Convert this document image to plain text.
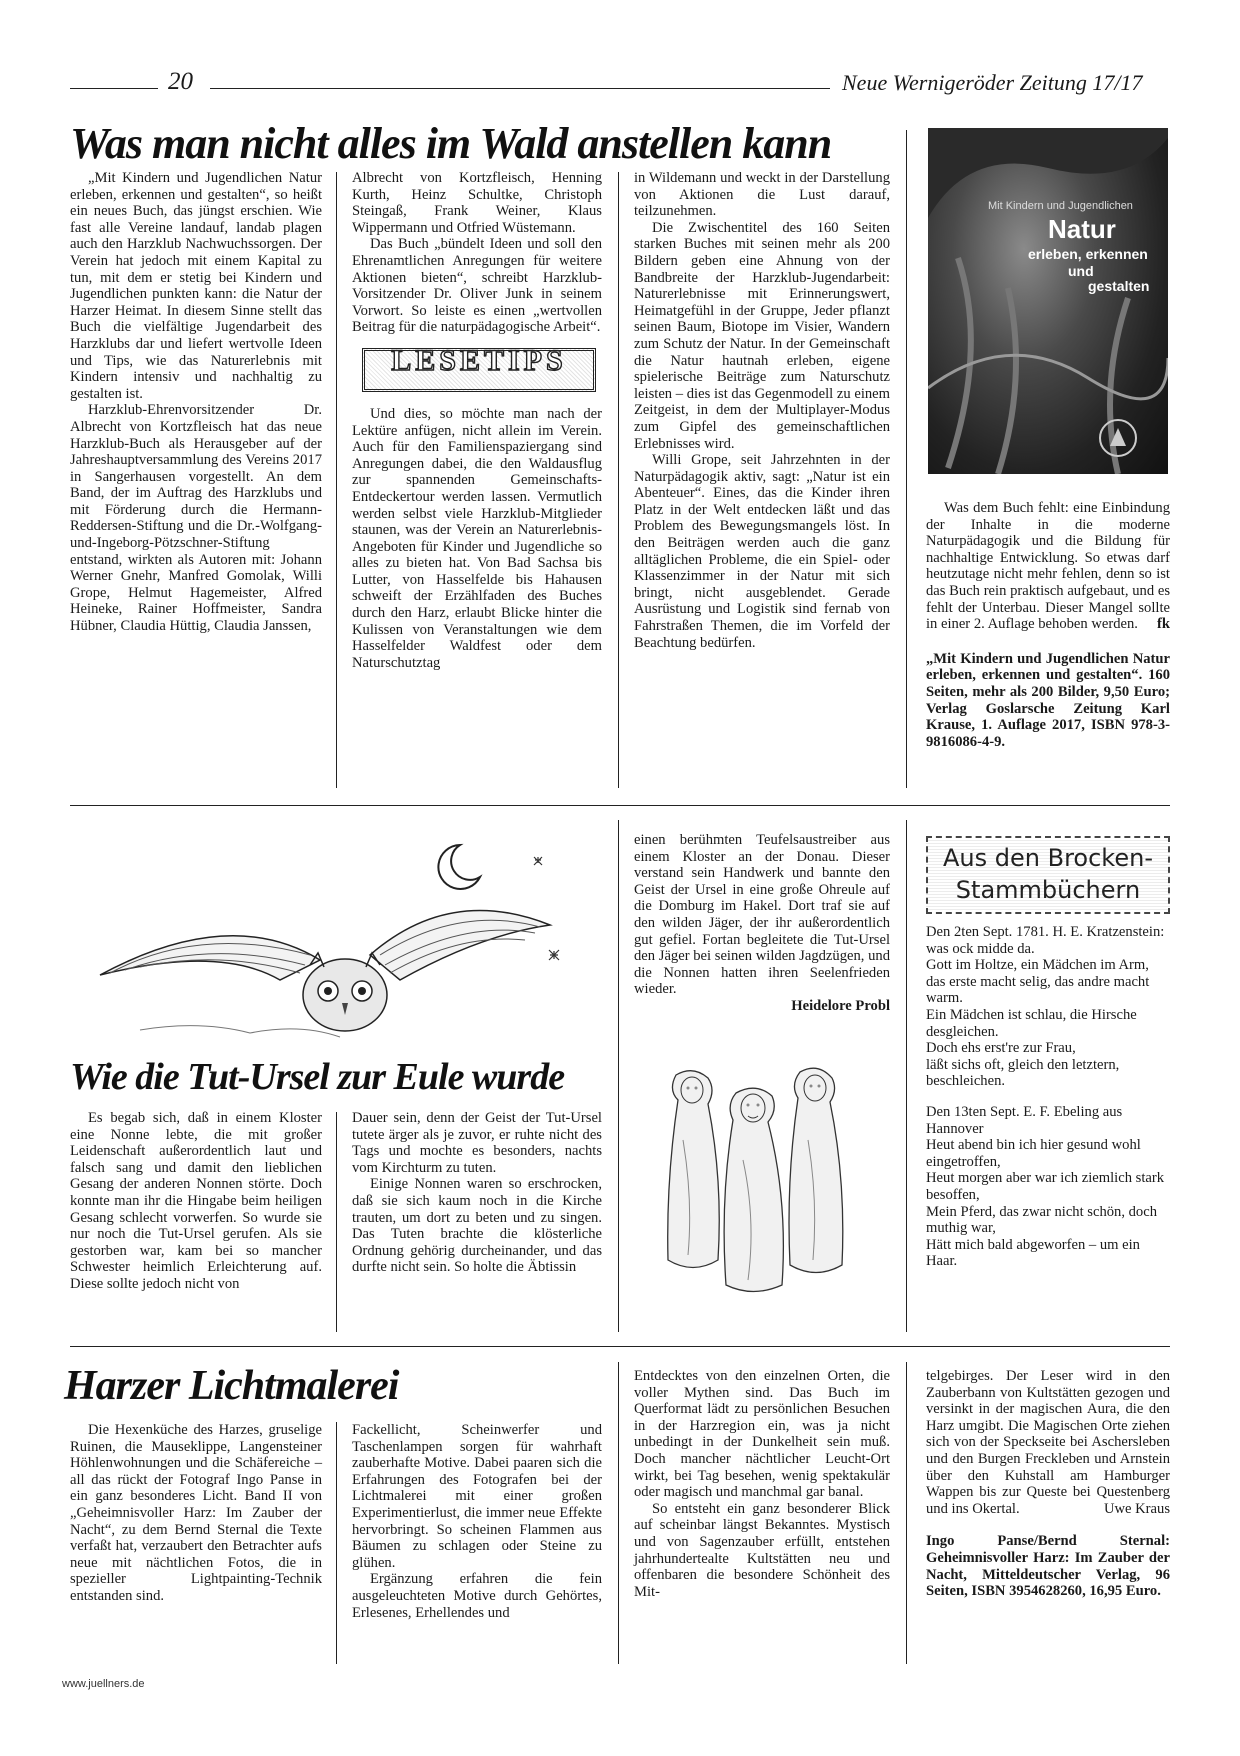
20	Neue Wernigeröder Zeitung 17/17
Was man nicht alles im Wald anstellen kann

„Mit Kindern und Jugendlichen Natur erleben, erkennen und gestalten“, so heißt ein neues Buch, das jüngst erschien. Wie fast alle Vereine landauf, landab plagen auch den Harzklub Nachwuchssorgen. Der Verein hat jedoch mit einem Kapital zu tun, mit dem er stetig bei Kindern und Jugendlichen punkten kann: die Natur der Harzer Heimat. In diesem Sinne stellt das Buch die vielfältige Jugendarbeit des Harzklubs dar und liefert wertvolle Ideen und Tips, wie das Naturerlebnis mit Kindern intensiv und nachhaltig zu gestalten ist.

Harzklub-Ehrenvorsitzender Dr. Albrecht von Kortzfleisch hat das neue Harzklub-Buch als Herausgeber auf der Jahreshauptversammlung des Vereins 2017 in Sangerhausen vorgestellt. An dem Band, der im Auftrag des Harzklubs und mit Förderung durch die Hermann-Reddersen-Stiftung und die Dr.-Wolfgang-und-Ingeborg-Pötzschner-Stiftung entstand, wirkten als Autoren mit: Johann Werner Gnehr, Manfred Gomolak, Willi Grope, Helmut Hagemeister, Alfred Heineke, Rainer Hoffmeister, Sandra Hübner, Claudia Hüttig, Claudia Janssen,

Albrecht von Kortzfleisch, Henning Kurth, Heinz Schultke, Christoph Steingaß, Frank Weiner, Klaus Wippermann und Otfried Wüstemann.

Das Buch „bündelt Ideen und soll den Ehrenamtlichen Anregungen für weitere Aktionen bieten“, schreibt Harzklub-Vorsitzender Dr. Oliver Junk in seinem Vorwort. So leiste es einen „wertvollen Beitrag für die naturpädagogische Arbeit“.

LESETIPS

Und dies, so möchte man nach der Lektüre anfügen, nicht allein im Verein. Auch für den Familienspaziergang sind Anregungen dabei, die den Waldausflug zur spannenden Gemeinschafts-Entdeckertour werden lassen. Vermutlich werden selbst viele Harzklub-Mitglieder staunen, was der Verein an Naturerlebnis-Angeboten für Kinder und Jugendliche so alles zu bieten hat. Von Bad Sachsa bis Lutter, von Hasselfelde bis Hahausen schweift der Erzählfaden des Buches durch den Harz, erlaubt Blicke hinter die Kulissen von Veranstaltungen wie dem Hasselfelder Waldfest oder dem Naturschutztag

in Wildemann und weckt in der Darstellung von Aktionen die Lust darauf, teilzunehmen.

Die Zwischentitel des 160 Seiten starken Buches mit seinen mehr als 200 Bildern geben eine Ahnung von der Bandbreite der Harzklub-Jugendarbeit: Naturerlebnisse mit Erinnerungswert, Heimatgefühl in der Gruppe, Jeder pflanzt seinen Baum, Biotope im Visier, Wandern zum Schutz der Natur. In der Gemeinschaft die Natur hautnah erleben, eigene spielerische Beiträge zum Naturschutz leisten – dies ist das Gegenmodell zu einem Zeitgeist, in dem der Multiplayer-Modus zum Gipfel des gemeinschaftlichen Erlebnisses wird.

Willi Grope, seit Jahrzehnten in der Naturpädagogik aktiv, sagt: „Natur ist ein Abenteuer“. Eines, das die Kinder ihren Platz in der Welt entdecken läßt und das Problem des Bewegungsmangels löst. In den Beiträgen werden auch die ganz alltäglichen Probleme, die ein Spiel- oder Klassenzimmer in der Natur mit sich bringt, nicht ausgeblendet. Gerade Ausrüstung und Logistik sind fernab von Fahrstraßen Themen, die im Vorfeld der Beachtung bedürfen.

Mit Kindern und Jugendlichen
Natur
erleben, erkennen
und
gestalten

Was dem Buch fehlt: eine Einbindung der Inhalte in die moderne Naturpädagogik und die Bildung für nachhaltige Entwicklung. So etwas darf heutzutage nicht mehr fehlen, denn so ist das Buch rein praktisch aufgebaut, und es fehlt der Unterbau. Dieser Mangel sollte in einer 2. Auflage behoben werden.	fk

„Mit Kindern und Jugendlichen Natur erleben, erkennen und gestalten“. 160 Seiten, mehr als 200 Bilder, 9,50 Euro; Verlag Goslarsche Zeitung Karl Krause, 1. Auflage 2017, ISBN 978-3-9816086-4-9.

Wie die Tut-Ursel zur Eule wurde

Es begab sich, daß in einem Kloster eine Nonne lebte, die mit großer Leidenschaft außerordentlich laut und falsch sang und damit den lieblichen Gesang der anderen Nonnen störte. Doch konnte man ihr die Hingabe beim heiligen Gesang schlecht vorwerfen. So wurde sie nur noch die Tut-Ursel gerufen. Als sie gestorben war, kam bei so mancher Schwester heimlich Erleichterung auf. Diese sollte jedoch nicht von

Dauer sein, denn der Geist der Tut-Ursel tutete ärger als je zuvor, er ruhte nicht des Tags und mochte es besonders, nachts vom Kirchturm zu tuten.

Einige Nonnen waren so erschrocken, daß sie sich kaum noch in die Kirche trauten, um dort zu beten und zu singen. Das Tuten brachte die klösterliche Ordnung gehörig durcheinander, und das durfte nicht sein. So holte die Äbtissin

einen berühmten Teufelsaustreiber aus einem Kloster an der Donau. Dieser verstand sein Handwerk und bannte den Geist der Ursel in eine große Ohreule auf die Domburg im Hakel. Dort traf sie auf den wilden Jäger, der ihr außerordentlich gut gefiel. Fortan begleitete die Tut-Ursel den Jäger bei seinen wilden Jagdzügen, und die Nonnen hatten ihren Seelenfrieden wieder.

Heidelore Probl

Aus den Brocken-
Stammbüchern

Den 2ten Sept. 1781. H. E. Kratzenstein: was ock midde da.

Gott im Holtze, ein Mädchen im Arm,

das erste macht selig, das andre macht warm.

Ein Mädchen ist schlau, die Hirsche desgleichen.

Doch ehs erst're zur Frau,

läßt sichs oft, gleich den letztern, beschleichen.

Den 13ten Sept. E. F. Ebeling aus Hannover

Heut abend bin ich hier gesund wohl eingetroffen,

Heut morgen aber war ich ziemlich stark besoffen,

Mein Pferd, das zwar nicht schön, doch muthig war,

Hätt mich bald abgeworfen – um ein Haar.

Harzer Lichtmalerei

Die Hexenküche des Harzes, gruselige Ruinen, die Mauseklippe, Langensteiner Höhlenwohnungen und die Schäfereiche – all das rückt der Fotograf Ingo Panse in ein ganz besonderes Licht. Band II von „Geheimnisvoller Harz: Im Zauber der Nacht“, zu dem Bernd Sternal die Texte verfaßt hat, verzaubert den Betrachter aufs neue mit nächtlichen Fotos, die in spezieller Lightpainting-Technik entstanden sind.

Fackellicht, Scheinwerfer und Taschenlampen sorgen für wahrhaft zauberhafte Motive. Dabei paaren sich die Erfahrungen des Fotografen bei der Lichtmalerei mit einer großen Experimentierlust, die immer neue Effekte hervorbringt. So scheinen Flammen aus Bäumen zu schlagen oder Steine zu glühen.

Ergänzung erfahren die fein ausgeleuchteten Motive durch Gehörtes, Erlesenes, Erhellendes und

Entdecktes von den einzelnen Orten, die voller Mythen sind. Das Buch im Querformat lädt zu persönlichen Besuchen in der Harzregion ein, was ja nicht unbedingt in der Dunkelheit sein muß. Doch mancher nächtlicher Leucht-Ort wirkt, bei Tag besehen, wenig spektakulär oder magisch und manchmal gar banal.

So entsteht ein ganz besonderer Blick auf scheinbar längst Bekanntes. Mystisch und von Sagenzauber erfüllt, entstehen jahrhundertealte Kultstätten neu und offenbaren die besondere Schönheit des Mit-

telgebirges. Der Leser wird in den Zauberbann von Kultstätten gezogen und versinkt in der magischen Aura, die den Harz umgibt. Die Magischen Orte ziehen sich von der Speckseite bei Aschersleben und den Burgen Freckleben und Arnstein über den Kuhstall am Hamburger Wappen bis zur Queste bei Questenberg und ins Okertal.	Uwe Kraus

Ingo Panse/Bernd Sternal: Geheimnisvoller Harz: Im Zauber der Nacht, Mitteldeutscher Verlag, 96 Seiten, ISBN 3954628260, 16,95 Euro.

www.juellners.de
